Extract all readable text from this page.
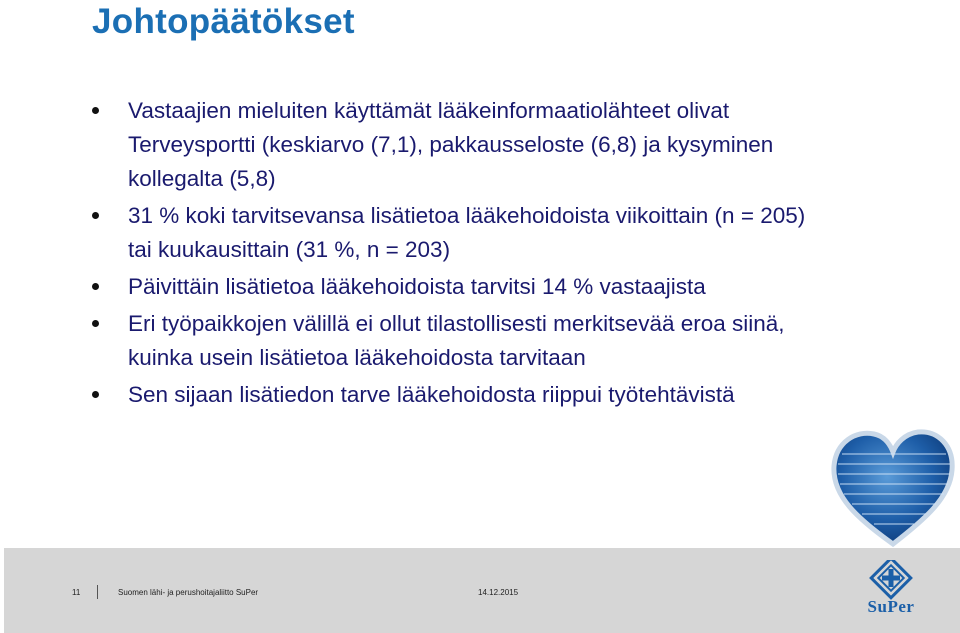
Johtopäätökset
Vastaajien mieluiten käyttämät lääkeinformaatiolähteet olivat Terveysportti (keskiarvo (7,1), pakkausseloste (6,8) ja kysyminen kollegalta (5,8)
31 % koki tarvitsevansa lisätietoa lääkehoidoista viikoittain (n = 205) tai kuukausittain (31 %, n = 203)
Päivittäin lisätietoa lääkehoidoista tarvitsi 14 % vastaajista
Eri työpaikkojen välillä ei ollut tilastollisesti merkitsevää eroa siinä, kuinka usein lisätietoa lääkehoidosta tarvitaan
Sen sijaan lisätiedon tarve lääkehoidosta riippui työtehtävistä
11	Suomen lähi- ja perushoitajaliitto SuPer	14.12.2015
SuPer
